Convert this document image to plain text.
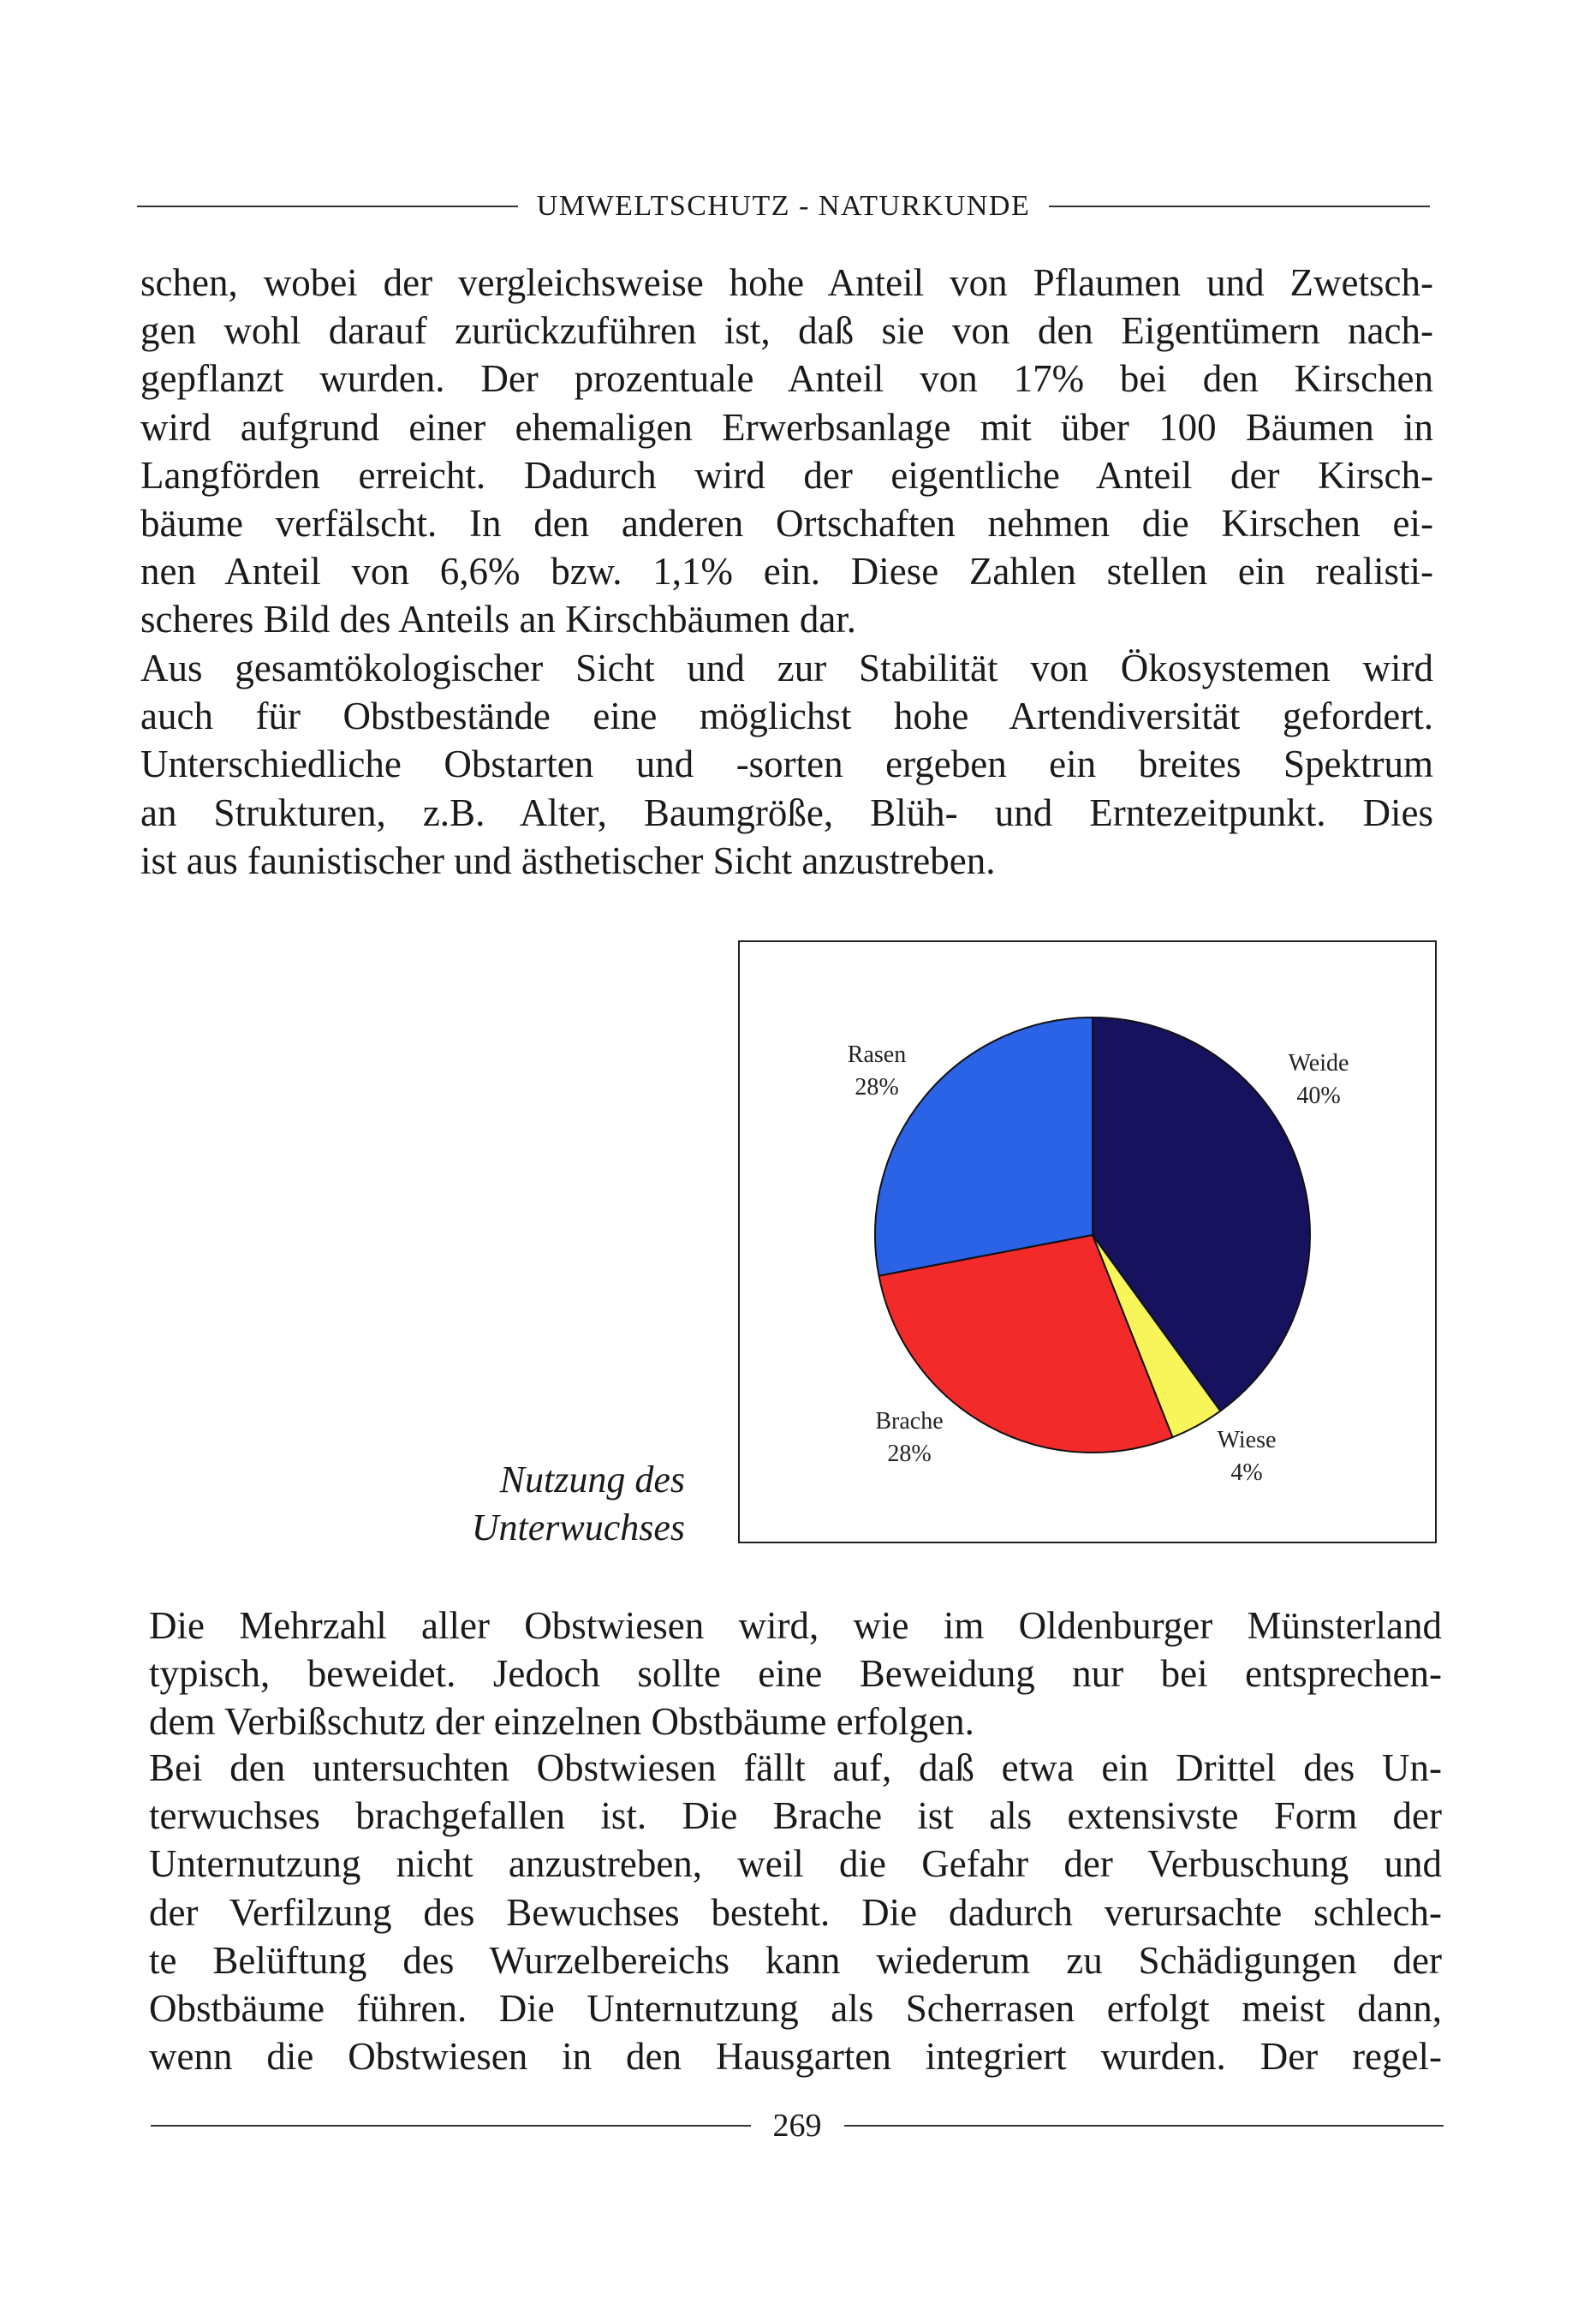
UMWELTSCHUTZ - NATURKUNDE
schen, wobei der vergleichsweise hohe Anteil von Pflaumen und Zwetsch-
gen wohl darauf zurückzuführen ist, daß sie von den Eigentümern nach-
gepflanzt wurden. Der prozentuale Anteil von 17% bei den Kirschen
wird aufgrund einer ehemaligen Erwerbsanlage mit über 100 Bäumen in
Langförden erreicht. Dadurch wird der eigentliche Anteil der Kirsch-
bäume verfälscht. In den anderen Ortschaften nehmen die Kirschen ei-
nen Anteil von 6,6% bzw. 1,1% ein. Diese Zahlen stellen ein realisti-
scheres Bild des Anteils an Kirschbäumen dar.
Aus gesamtökologischer Sicht und zur Stabilität von Ökosystemen wird
auch für Obstbestände eine möglichst hohe Artendiversität gefordert.
Unterschiedliche Obstarten und -sorten ergeben ein breites Spektrum
an Strukturen, z.B. Alter, Baumgröße, Blüh- und Erntezeitpunkt. Dies
ist aus faunistischer und ästhetischer Sicht anzustreben.
Nutzung des
Unterwuchses
Weide
40%
Wiese
4%
Brache
28%
Rasen
28%
Die Mehrzahl aller Obstwiesen wird, wie im Oldenburger Münsterland
typisch, beweidet. Jedoch sollte eine Beweidung nur bei entsprechen-
dem Verbißschutz der einzelnen Obstbäume erfolgen.
Bei den untersuchten Obstwiesen fällt auf, daß etwa ein Drittel des Un-
terwuchses brachgefallen ist. Die Brache ist als extensivste Form der
Unternutzung nicht anzustreben, weil die Gefahr der Verbuschung und
der Verfilzung des Bewuchses besteht. Die dadurch verursachte schlech-
te Belüftung des Wurzelbereichs kann wiederum zu Schädigungen der
Obstbäume führen. Die Unternutzung als Scherrasen erfolgt meist dann,
wenn die Obstwiesen in den Hausgarten integriert wurden. Der regel-
269
